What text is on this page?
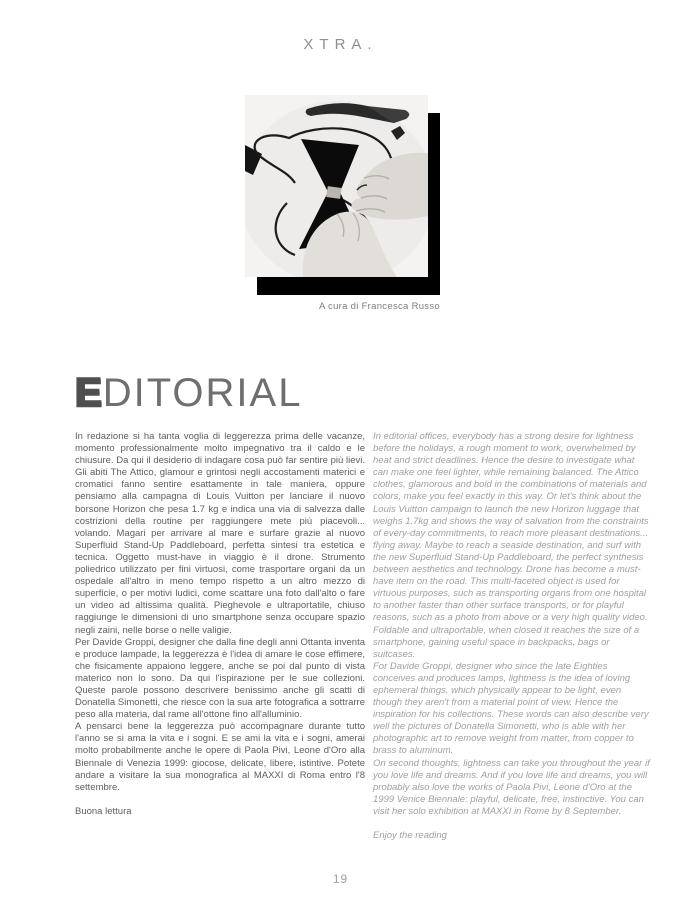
XTRA.
A cura di Francesca Russo
E DITORIAL

In redazione si ha tanta voglia di leggerezza prima delle vacanze, momento professionalmente molto impegnativo tra il caldo e le chiusure. Da qui il desiderio di indagare cosa può far sentire più lievi. Gli abiti The Attico, glamour e grintosi negli accostamenti materici e cromatici fanno sentire esattamente in tale maniera, oppure pensiamo alla campagna di Louis Vuitton per lanciare il nuovo borsone Horizon che pesa 1.7 kg e indica una via di salvezza dalle costrizioni della routine per raggiungere mete più piacevoli... volando. Magari per arrivare al mare e surfare grazie al nuovo Superfluid Stand-Up Paddleboard, perfetta sintesi tra estetica e tecnica. Oggetto must-have in viaggio è il drone. Strumento poliedrico utilizzato per fini virtuosi, come trasportare organi da un ospedale all'altro in meno tempo rispetto a un altro mezzo di superficie, o per motivi ludici, come scattare una foto dall'alto o fare un video ad altissima qualità. Pieghevole e ultraportatile, chiuso raggiunge le dimensioni di uno smartphone senza occupare spazio negli zaini, nelle borse o nelle valigie.

Per Davide Groppi, designer che dalla fine degli anni Ottanta inventa e produce lampade, la leggerezza è l'idea di amare le cose effimere, che fisicamente appaiono leggere, anche se poi dal punto di vista materico non lo sono. Da qui l'ispirazione per le sue collezioni. Queste parole possono descrivere benissimo anche gli scatti di Donatella Simonetti, che riesce con la sua arte fotografica a sottrarre peso alla materia, dal rame all'ottone fino all'alluminio.

A pensarci bene la leggerezza può accompagnare durante tutto l'anno se si ama la vita e i sogni. E se ami la vita e i sogni, amerai molto probabilmente anche le opere di Paola Pivi, Leone d'Oro alla Biennale di Venezia 1999: giocose, delicate, libere, istintive. Potete andare a visitare la sua monografica al MAXXI di Roma entro l'8 settembre.

Buona lettura

In editorial offices, everybody has a strong desire for lightness before the holidays, a rough moment to work, overwhelmed by heat and strict deadlines. Hence the desire to investigate what can make one feel lighter, while remaining balanced. The Attico clothes, glamorous and bold in the combinations of materials and colors, make you feel exactly in this way. Or let's think about the Louis Vuitton campaign to launch the new Horizon luggage that weighs 1.7kg and shows the way of salvation from the constraints of every-day commitments, to reach more pleasant destinations... flying away. Maybe to reach a seaside destination, and surf with the new Superfluid Stand-Up Paddleboard, the perfect synthesis between aesthetics and technology. Drone has become a must-have item on the road. This multi-faceted object is used for virtuous purposes, such as transporting organs from one hospital to another faster than other surface transports, or for playful reasons, such as a photo from above or a very high quality video. Foldable and ultraportable, when closed it reaches the size of a smartphone, gaining useful space in backpacks, bags or suitcases.

For Davide Groppi, designer who since the late Eighties conceives and produces lamps, lightness is the idea of loving ephemeral things, which physically appear to be light, even though they aren't from a material point of view. Hence the inspiration for his collections. These words can also describe very well the pictures of Donatella Simonetti, who is able with her photographic art to remove weight from matter, from copper to brass to aluminum.

On second thoughts, lightness can take you throughout the year if you love life and dreams. And if you love life and dreams, you will probably also love the works of Paola Pivi, Leone d'Oro at the 1999 Venice Biennale: playful, delicate, free, instinctive. You can visit her solo exhibition at MAXXI in Rome by 8 September.

Enjoy the reading

19
